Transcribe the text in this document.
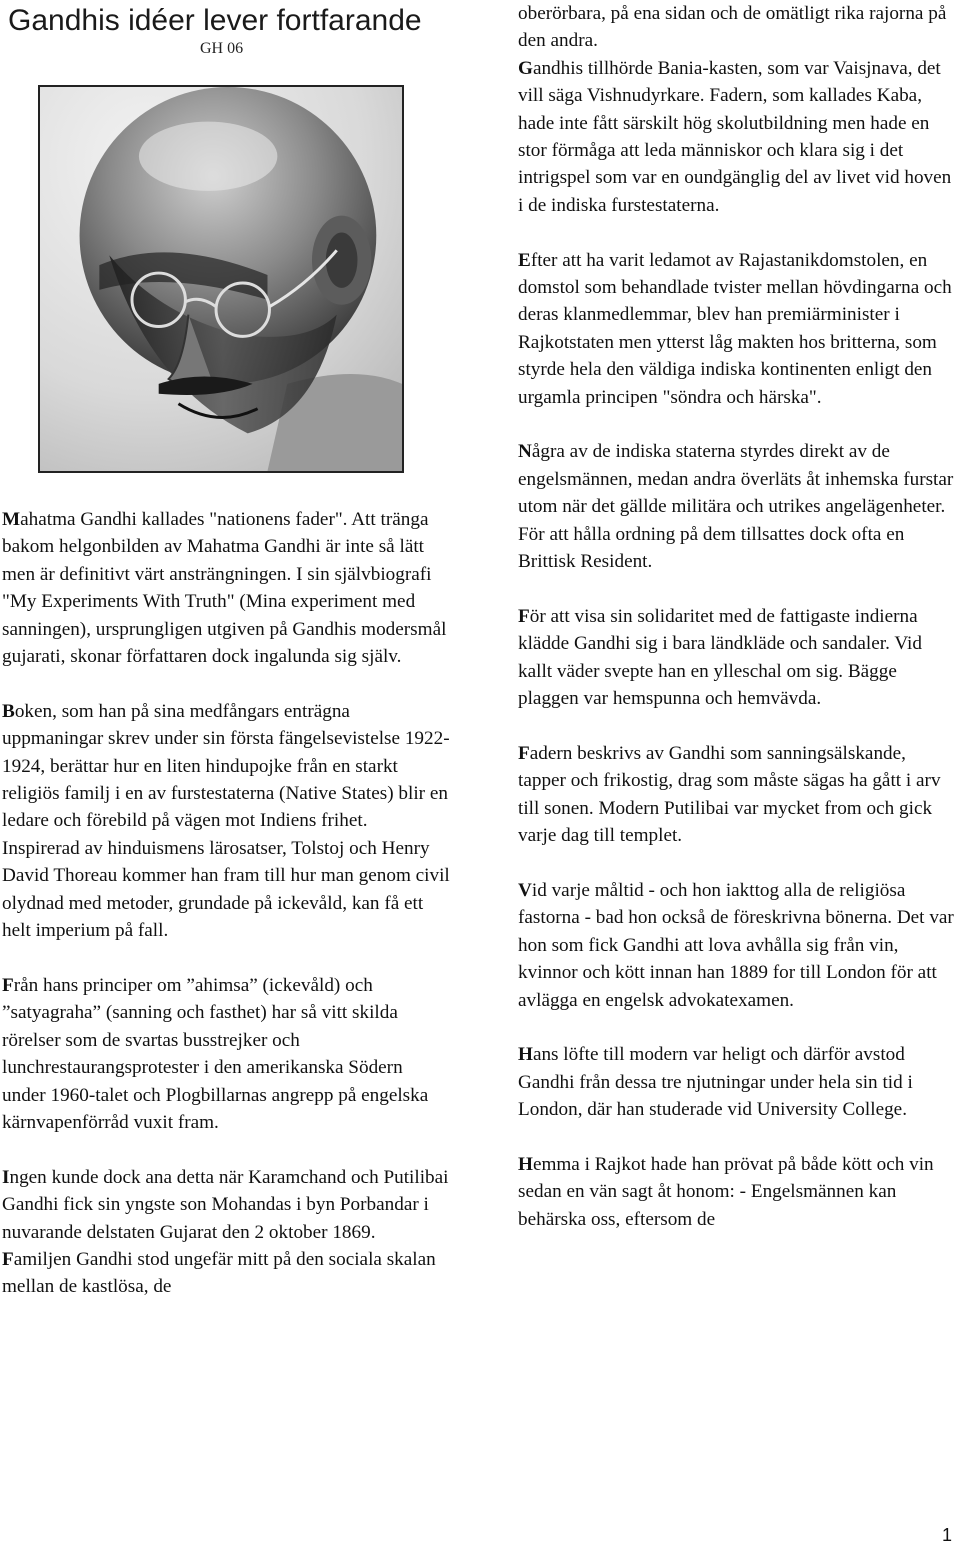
Gandhis idéer lever fortfarande
GH 06

Mahatma Gandhi kallades "nationens fader". Att tränga bakom helgonbilden av Mahatma Gandhi är inte så lätt men är definitivt värt ansträngningen. I sin självbiografi "My Experiments With Truth" (Mina experiment med sanningen), ursprungligen utgiven på Gandhis modersmål gujarati, skonar författaren dock ingalunda sig själv.

Boken, som han på sina medfångars enträgna uppmaningar skrev under sin första fängelsevistelse 1922-1924, berättar hur en liten hindupojke från en starkt religiös familj i en av furstestaterna (Native States) blir en ledare och förebild på vägen mot Indiens frihet. Inspirerad av hinduismens lärosatser, Tolstoj och Henry David Thoreau kommer han fram till hur man genom civil olydnad med metoder, grundade på ickevåld, kan få ett helt imperium på fall.

Från hans principer om ”ahimsa” (ickevåld) och ”satyagraha” (sanning och fasthet) har så vitt skilda rörelser som de svartas busstrejker och lunchrestaurangsprotester i den amerikanska Södern under 1960-talet och Plogbillarnas angrepp på engelska kärnvapenförråd vuxit fram.

Ingen kunde dock ana detta när Karamchand och Putilibai Gandhi fick sin yngste son Mohandas i byn Porbandar i nuvarande delstaten Gujarat den 2 oktober 1869.

Familjen Gandhi stod ungefär mitt på den sociala skalan mellan de kastlösa, de

oberörbara, på ena sidan och de omätligt rika rajorna på den andra.

Gandhis tillhörde Bania-kasten, som var Vaisjnava, det vill säga Vishnudyrkare. Fadern, som kallades Kaba, hade inte fått särskilt hög skolutbildning men hade en stor förmåga att leda människor och klara sig i det intrigspel som var en oundgänglig del av livet vid hoven i de indiska furstestaterna.

Efter att ha varit ledamot av Rajastanikdomstolen, en domstol som behandlade tvister mellan hövdingarna och deras klanmedlemmar, blev han premiärminister i Rajkotstaten men ytterst låg makten hos britterna, som styrde hela den väldiga indiska kontinenten enligt den urgamla principen "söndra och härska".

Några av de indiska staterna styrdes direkt av de engelsmännen, medan andra överläts åt inhemska furstar utom när det gällde militära och utrikes angelägenheter. För att hålla ordning på dem tillsattes dock ofta en Brittisk Resident.

För att visa sin solidaritet med de fattigaste indierna klädde Gandhi sig i bara ländkläde och sandaler. Vid kallt väder svepte han en ylleschal om sig. Bägge plaggen var hemspunna och hemvävda.

Fadern beskrivs av Gandhi som sanningsälskande, tapper och frikostig, drag som måste sägas ha gått i arv till sonen. Modern Putilibai var mycket from och gick varje dag till templet.

Vid varje måltid - och hon iakttog alla de religiösa fastorna - bad hon också de föreskrivna bönerna. Det var hon som fick Gandhi att lova avhålla sig från vin, kvinnor och kött innan han 1889 for till London för att avlägga en engelsk advokatexamen.

Hans löfte till modern var heligt och därför avstod Gandhi från dessa tre njutningar under hela sin tid i London, där han studerade vid University College.

Hemma i Rajkot hade han prövat på både kött och vin sedan en vän sagt åt honom: - Engelsmännen kan behärska oss, eftersom de

1
